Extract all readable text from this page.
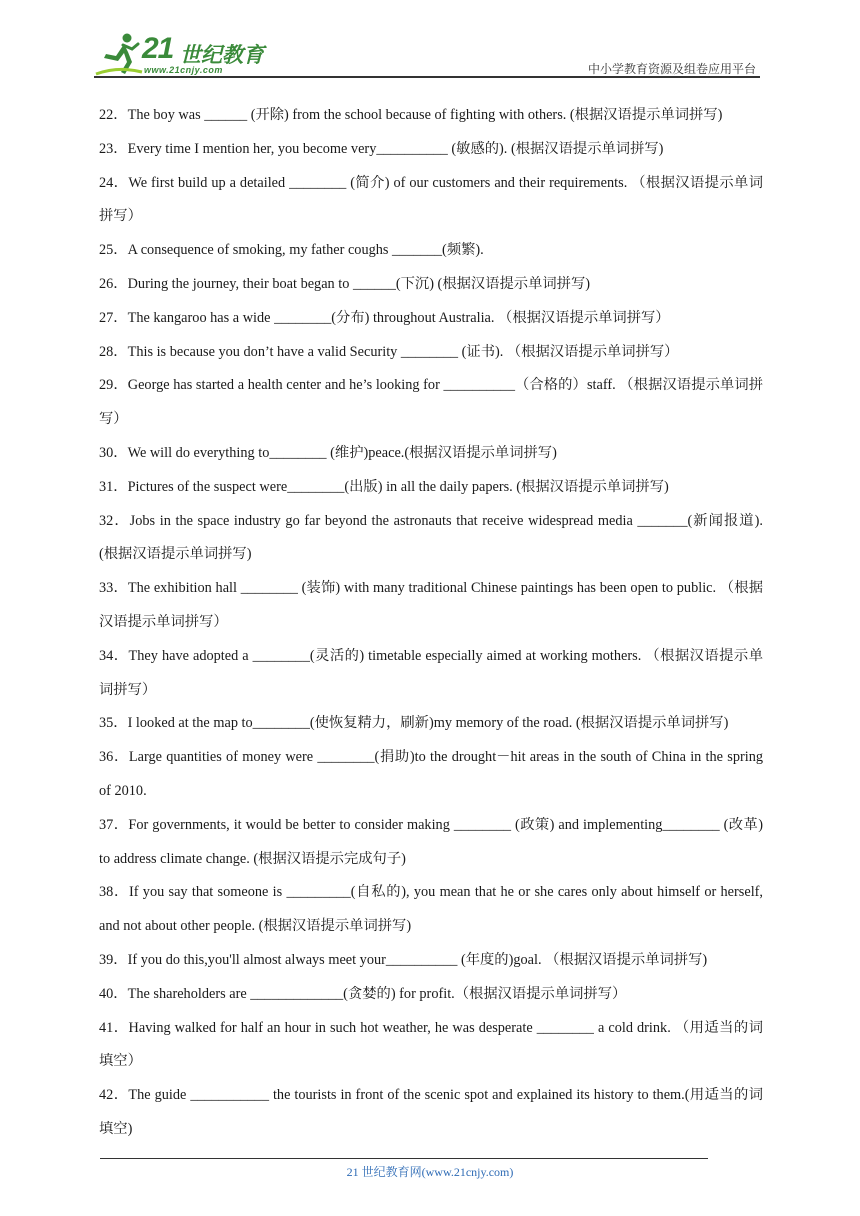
21 世纪教育
www.21cnjy.com	中小学教育资源及组卷应用平台
22．The boy was ______ (开除) from the school because of fighting with others. (根据汉语提示单词拼写)
23．Every time I mention her, you become very__________ (敏感的). (根据汉语提示单词拼写)
24．We first build up a detailed ________ (简介) of our customers and their requirements. （根据汉语提示单词拼写）
25．A consequence of smoking, my father coughs _______(频繁).
26．During the journey, their boat began to ______(下沉) (根据汉语提示单词拼写)
27．The kangaroo has a wide ________(分布) throughout Australia. （根据汉语提示单词拼写）
28．This is because you don’t have a valid Security ________ (证书). （根据汉语提示单词拼写）
29．George has started a health center and he’s looking for __________（合格的）staff. （根据汉语提示单词拼写）
30．We will do everything to________ (维护)peace.(根据汉语提示单词拼写)
31．Pictures of the suspect were________(出版) in all the daily papers. (根据汉语提示单词拼写)
32．Jobs in the space industry go far beyond the astronauts that receive widespread media _______(新闻报道). (根据汉语提示单词拼写)
33．The exhibition hall ________ (装饰) with many traditional Chinese paintings has been open to public. （根据汉语提示单词拼写）
34．They have adopted a ________(灵活的) timetable especially aimed at working mothers. （根据汉语提示单词拼写）
35．I looked at the map to________(使恢复精力，刷新)my memory of the road. (根据汉语提示单词拼写)
36．Large quantities of money were ________(捐助)to the drought－hit areas in the south of China in the spring of 2010.
37．For governments, it would be better to consider making ________ (政策) and implementing________ (改革) to address climate change. (根据汉语提示完成句子)
38．If you say that someone is _________(自私的), you mean that he or she cares only about himself or herself, and not about other people. (根据汉语提示单词拼写)
39．If you do this,you'll almost always meet your__________ (年度的)goal. （根据汉语提示单词拼写)
40．The shareholders are _____________(贪婪的) for profit.（根据汉语提示单词拼写）
41．Having walked for half an hour in such hot weather, he was desperate ________ a cold drink. （用适当的词填空）
42．The guide ___________ the tourists in front of the scenic spot and explained its history to them.(用适当的词填空)
21 世纪教育网(www.21cnjy.com)
